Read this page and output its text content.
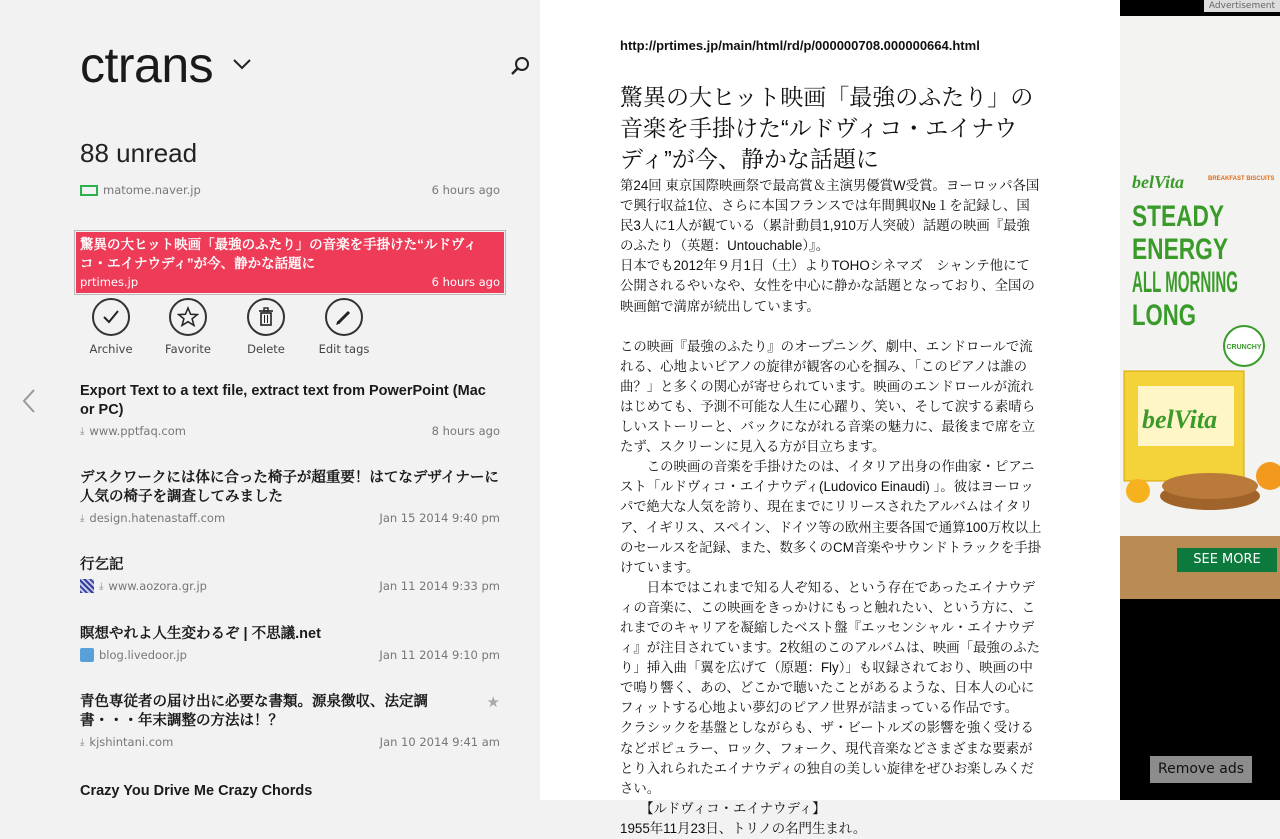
ctrans
88 unread
matome.naver.jp	6 hours ago
驚異の大ヒット映画「最強のふたり」の音楽を手掛けた“ルドヴィコ・エイナウディ”が今、静かな話題に
prtimes.jp	6 hours ago
Archive	Favorite	Delete	Edit tags
Export Text to a text file, extract text from PowerPoint (Mac or PC)
⤓ www.pptfaq.com	8 hours ago
デスクワークには体に合った椅子が超重要！はてなデザイナーに人気の椅子を調査してみました
⤓ design.hatenastaff.com	Jan 15 2014 9:40 pm
行乞記
⤓ www.aozora.gr.jp	Jan 11 2014 9:33 pm
瞑想やれよ人生変わるぞ | 不思議.net
blog.livedoor.jp	Jan 11 2014 9:10 pm
青色専従者の届け出に必要な書類。源泉徴収、法定調書・・・年末調整の方法は！？
★
⤓ kjshintani.com	Jan 10 2014 9:41 am
Crazy You Drive Me Crazy Chords
http://prtimes.jp/main/html/rd/p/000000708.000000664.html
驚異の大ヒット映画「最強のふたり」の音楽を手掛けた“ルドヴィコ・エイナウディ”が今、静かな話題に

第24回 東京国際映画祭で最高賞＆主演男優賞W受賞。ヨーロッパ各国で興行収益1位、さらに本国フランスでは年間興収№１を記録し、国民3人に1人が観ている（累計動員1,910万人突破）話題の映画『最強のふたり（英題：Untouchable）』。

日本でも2012年９月1日（土）よりTOHOシネマズ　シャンテ他にて公開されるやいなや、女性を中心に静かな話題となっており、全国の映画館で満席が続出しています。

この映画『最強のふたり』のオープニング、劇中、エンドロールで流れる、心地よいピアノの旋律が観客の心を掴み、「このピアノは誰の曲？」と多くの関心が寄せられています。映画のエンドロールが流れはじめても、予測不可能な人生に心躍り、笑い、そして涙する素晴らしいストーリーと、バックにながれる音楽の魅力に、最後まで席を立たず、スクリーンに見入る方が目立ちます。

　　この映画の音楽を手掛けたのは、イタリア出身の作曲家・ピアニスト「ルドヴィコ・エイナウディ(Ludovico Einaudi) 」。彼はヨーロッパで絶大な人気を誇り、現在までにリリースされたアルバムはイタリア、イギリス、スペイン、ドイツ等の欧州主要各国で通算100万枚以上のセールスを記録、また、数多くのCM音楽やサウンドトラックを手掛けています。

　　日本ではこれまで知る人ぞ知る、という存在であったエイナウディの音楽に、この映画をきっかけにもっと触れたい、という方に、これまでのキャリアを凝縮したベスト盤『エッセンシャル・エイナウディ』が注目されています。2枚組のこのアルバムは、映画「最強のふたり」挿入曲「翼を広げて（原題：Fly）」も収録されており、映画の中で鳴り響く、あの、どこかで聴いたことがあるような、日本人の心にフィットする心地よい夢幻のピアノ世界が詰まっている作品です。

クラシックを基盤としながらも、ザ・ビートルズの影響を強く受けるなどポピュラー、ロック、フォーク、現代音楽などさまざまな要素がとり入れられたエイナウディの独自の美しい旋律をぜひお楽しみください。

　　【ルドヴィコ・エイナウディ】

1955年11月23日、トリノの名門生まれ。

belVita	BREAKFAST BISCUITS
STEADY
ENERGY
ALL MORNING
LONG
CRUNCHY
belVita
Advertisement
SEE MORE
Remove ads
